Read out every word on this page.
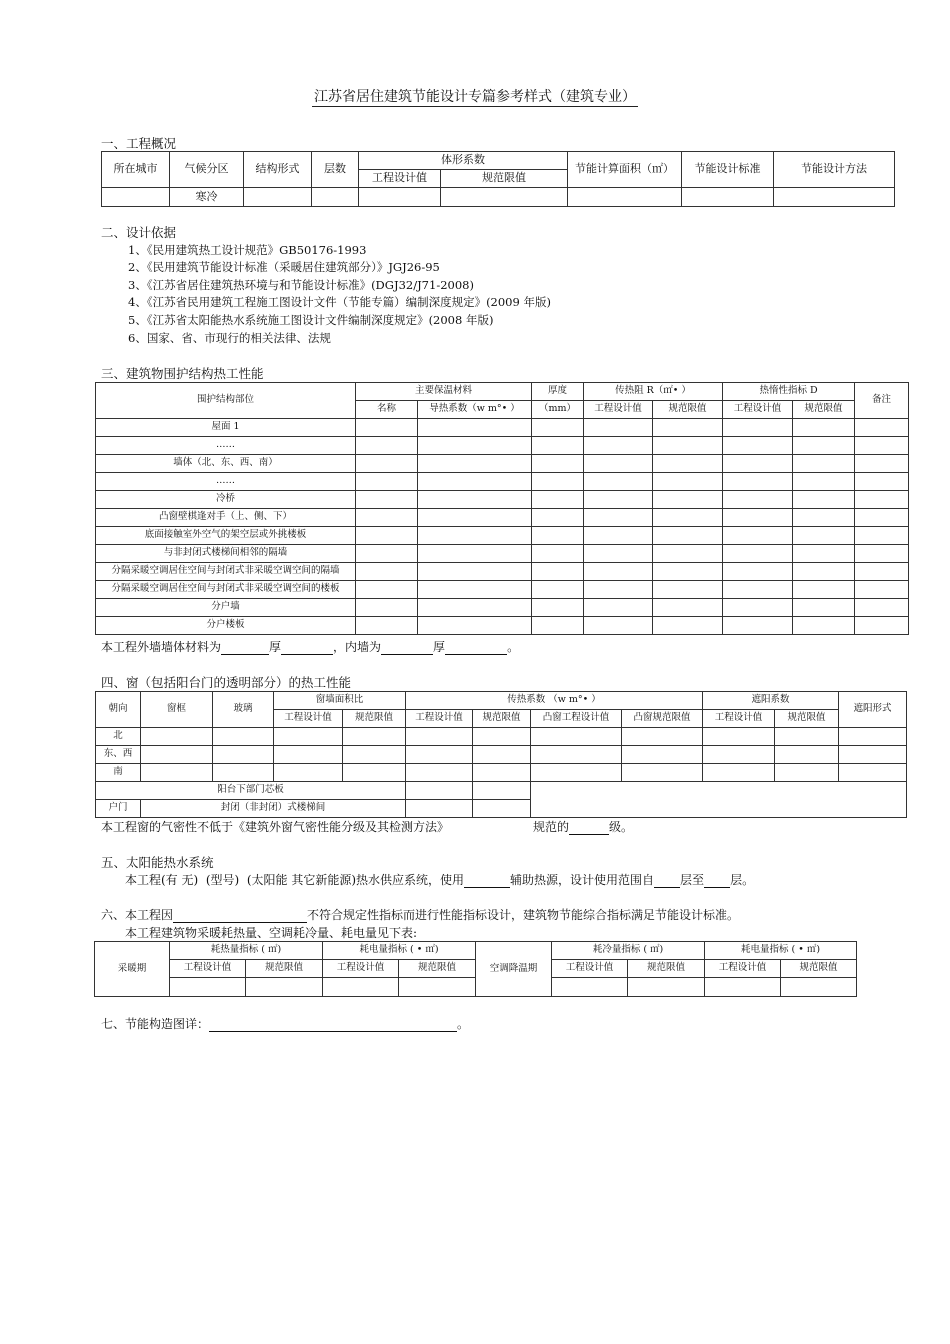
江苏省居住建筑节能设计专篇参考样式（建筑专业）
一、工程概况
所在城市	气候分区	结构形式	层数	体形系数		节能计算面积（㎡）	节能设计标准	节能设计方法
				工程设计值	规范限值			
	寒冷							
二、设计依据
1、《民用建筑热工设计规范》GB50176-1993
2、《民用建筑节能设计标准（采暖居住建筑部分）》JGJ26-95
3、《江苏省居住建筑热环境与和节能设计标准》(DGJ32/J71-2008)
4、《江苏省民用建筑工程施工图设计文件（节能专篇）编制深度规定》(2009 年版)
5、《江苏省太阳能热水系统施工图设计文件编制深度规定》(2008 年版)
6、国家、省、市现行的相关法律、法规
三、建筑物围护结构热工性能
围护结构部位	主要保温材料		厚度	传热阻 R（㎡• ）		热惰性指标 D		备注
	名称	导热系数（w m°• ）	（mm）	工程设计值	规范限值	工程设计值	规范限值	
屋面 1								
……								
墙体（北、东、西、南）								
……								
冷桥								
凸窗壁棋逢对手（上、侧、下）								
底面接触室外空气的架空层或外挑楼板								
与非封闭式楼梯间相邻的隔墙								
分隔采暖空调居住空间与封闭式非采暖空调空间的隔墙								
分隔采暖空调居住空间与封闭式非采暖空调空间的楼板								
分户墙								
分户楼板								
本工程外墙墙体材料为	厚	，内墙为	厚	。
四、窗（包括阳台门的透明部分）的热工性能
朝向	窗框	玻璃	窗墙面积比		传热系数 （w m°• ）				遮阳系数		遮阳形式
			工程设计值	规范限值	工程设计值	规范限值	凸窗工程设计值	凸窗规范限值	工程设计值	规范限值	
北											
东、西											
南											
阳台下部门芯板											
户门	封闭（非封闭）式楼梯间										
本工程窗的气密性不低于《建筑外窗气密性能分级及其检测方法》	规范的	级。
五、太阳能热水系统
本工程(有 无) (型号) (太阳能 其它新能源)热水供应系统，使用	辅助热源，设计使用范围自 层至 层。
六、本工程因	不符合规定性指标而进行性能指标设计，建筑物节能综合指标满足节能设计标准。
本工程建筑物采暖耗热量、空调耗冷量、耗电量见下表:
采暖期	耗热量指标 ( ㎡)		耗电量指标 ( • ㎡)		空调降温期	耗冷量指标 ( ㎡)		耗电量指标 ( • ㎡)	
	工程设计值	规范限值	工程设计值	规范限值		工程设计值	规范限值	工程设计值	规范限值

七、节能构造图详：	。
